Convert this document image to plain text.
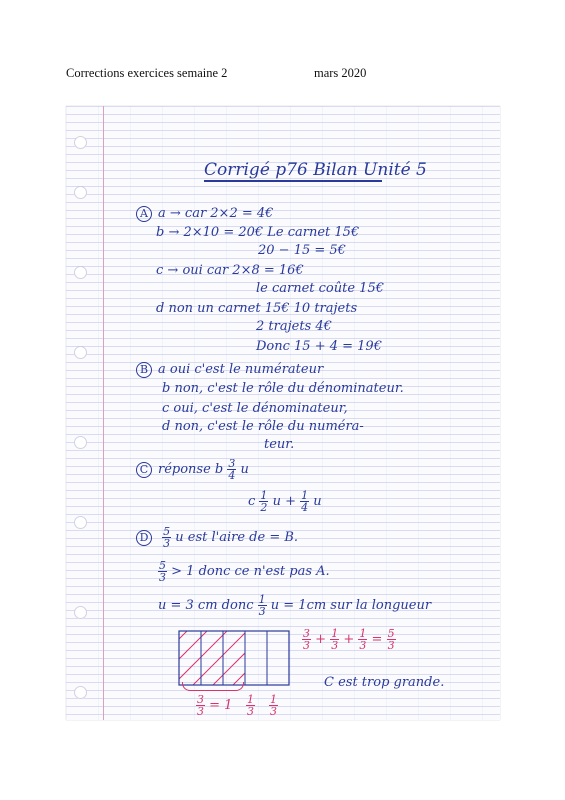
Corrections exercices semaine 2	mars 2020
Corrigé p76 Bilan Unité 5
A a → car 2×2 = 4€
b → 2×10 = 20€ Le carnet 15€
20 − 15 = 5€
c → oui car 2×8 = 16€
le carnet coûte 15€
d non un carnet 15€ 10 trajets
2 trajets 4€
Donc 15 + 4 = 19€
B a oui c'est le numérateur
b non, c'est le rôle du dénominateur.
c oui, c'est le dénominateur,
d non, c'est le rôle du numéra-
teur.
C réponse b $\frac{3}{4}$ u
c $\frac{1}{2}$ $u + \frac{1}{4}$ u
D $\frac{5}{3}$ u est l'aire de = B.
$\frac{5}{3} > 1$ donc ce n'est pas A.
u = 3 cm donc $\frac{1}{3}$ u = 1cm sur la longueur
$\frac{3}{3} + \frac{1}{3} + \frac{1}{3} = \frac{5}{3}$
C est trop grande.
$\frac{3}{3} = 1 \frac{1}{3} \frac{1}{3}$
